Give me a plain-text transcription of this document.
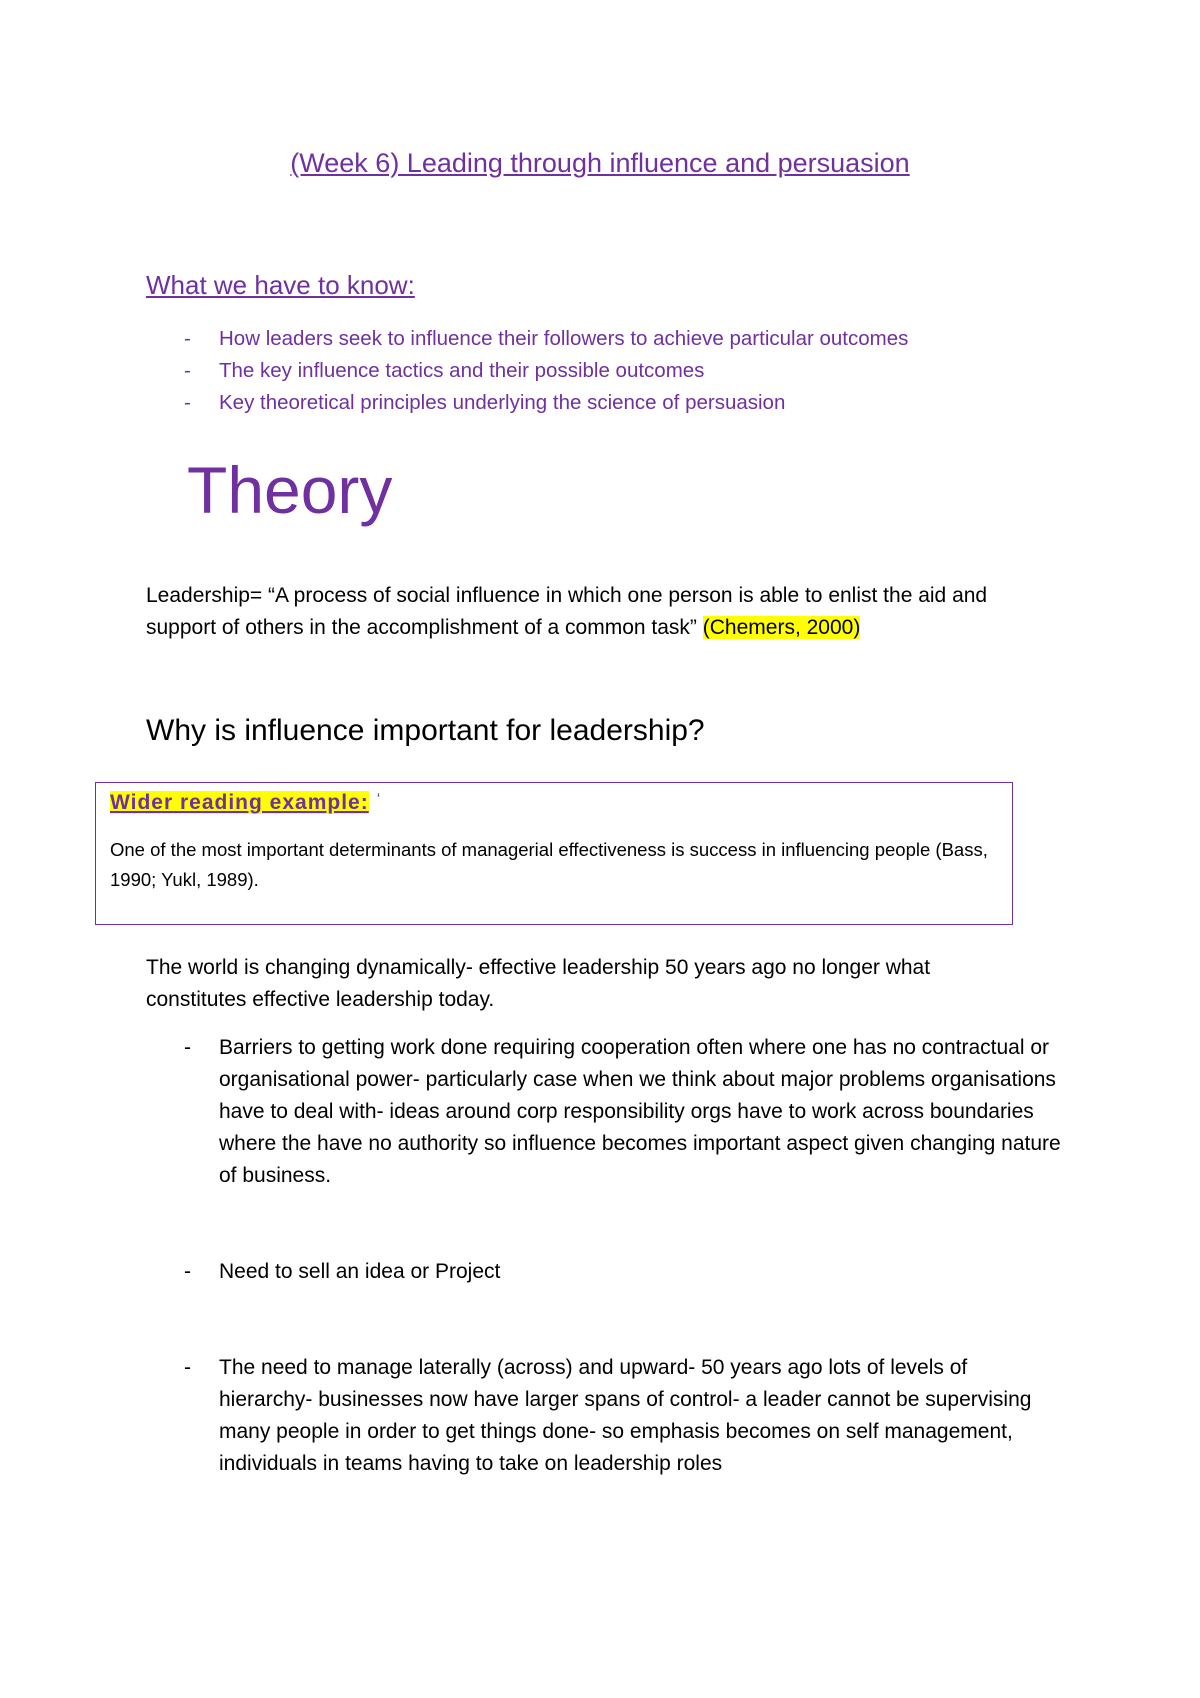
(Week 6) Leading through influence and persuasion
What we have to know:
- How leaders seek to influence their followers to achieve particular outcomes
- The key influence tactics and their possible outcomes
- Key theoretical principles underlying the science of persuasion
Theory
Leadership= “A process of social influence in which one person is able to enlist the aid and support of others in the accomplishment of a common task” (Chemers, 2000)
Why is influence important for leadership?
Wider reading example: ‘
One of the most important determinants of managerial effectiveness is success in influencing people (Bass, 1990; Yukl, 1989).
The world is changing dynamically- effective leadership 50 years ago no longer what constitutes effective leadership today.
- Barriers to getting work done requiring cooperation often where one has no contractual or organisational power- particularly case when we think about major problems organisations have to deal with- ideas around corp responsibility orgs have to work across boundaries where the have no authority so influence becomes important aspect given changing nature of business.
- Need to sell an idea or Project
- The need to manage laterally (across) and upward- 50 years ago lots of levels of hierarchy- businesses now have larger spans of control- a leader cannot be supervising many people in order to get things done- so emphasis becomes on self management, individuals in teams having to take on leadership roles
